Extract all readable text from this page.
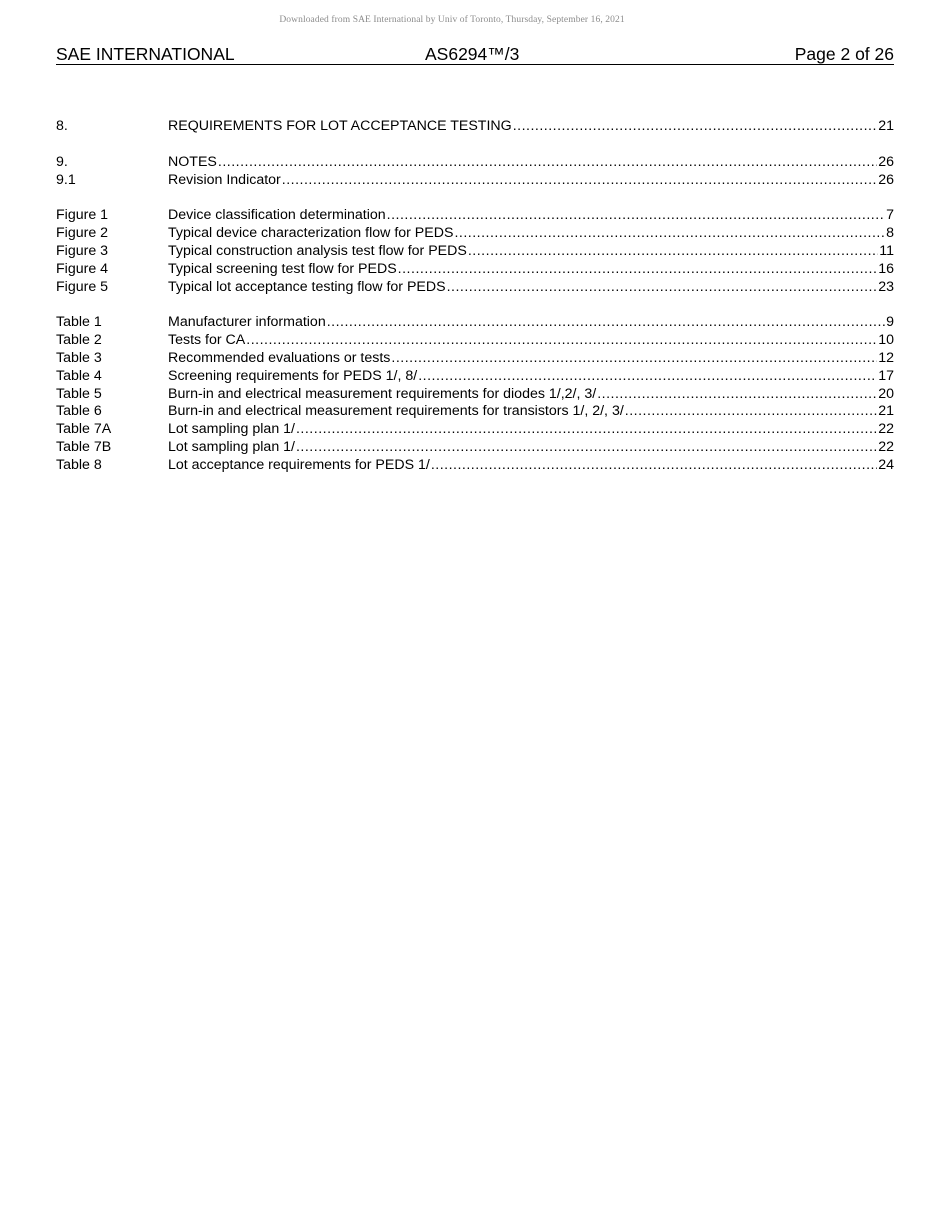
Downloaded from SAE International by Univ of Toronto, Thursday, September 16, 2021
SAE INTERNATIONAL	AS6294™/3	Page 2 of 26
8.	REQUIREMENTS FOR LOT ACCEPTANCE TESTING .....	21
9.	NOTES .....	26
9.1	Revision Indicator .....	26
Figure 1	Device classification determination .....	7
Figure 2	Typical device characterization flow for PEDS .....	8
Figure 3	Typical construction analysis test flow for PEDS .....	11
Figure 4	Typical screening test flow for PEDS .....	16
Figure 5	Typical lot acceptance testing flow for PEDS .....	23
Table 1	Manufacturer information .....	9
Table 2	Tests for CA .....	10
Table 3	Recommended evaluations or tests .....	12
Table 4	Screening requirements for PEDS 1/, 8/ .....	17
Table 5	Burn-in and electrical measurement requirements for diodes 1/,2/, 3/ .....	20
Table 6	Burn-in and electrical measurement requirements for transistors 1/, 2/, 3/ .....	21
Table 7A	Lot sampling plan 1/ .....	22
Table 7B	Lot sampling plan 1/ .....	22
Table 8	Lot acceptance requirements for PEDS 1/ .....	24
